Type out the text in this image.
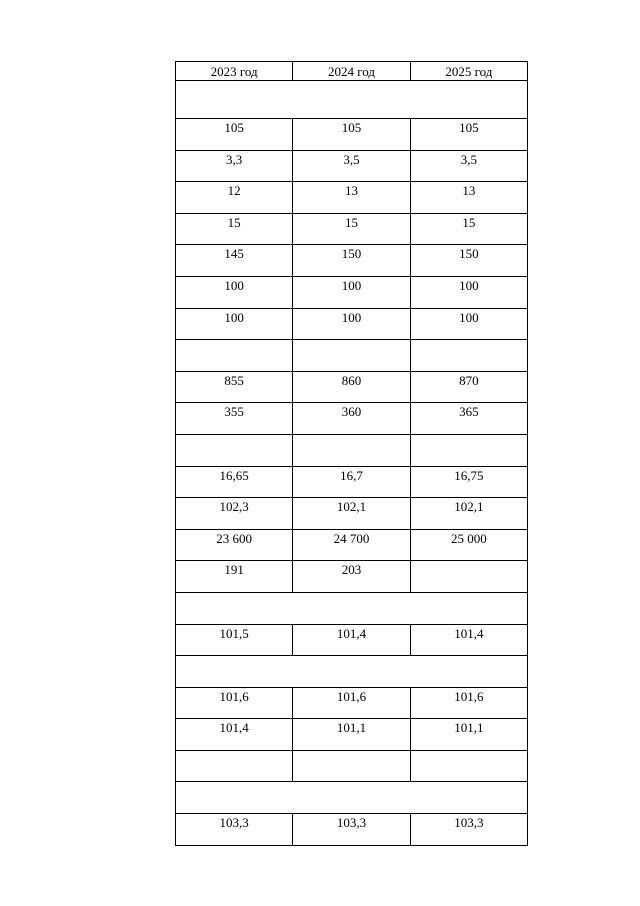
2023 год	2024 год	2025 год

105	105	105
3,3	3,5	3,5
12	13	13
15	15	15
145	150	150
100	100	100
100	100	100

855	860	870
355	360	365

16,65	16,7	16,75
102,3	102,1	102,1
23 600	24 700	25 000
191	203	

101,5	101,4	101,4

101,6	101,6	101,6
101,4	101,1	101,1

103,3	103,3	103,3
